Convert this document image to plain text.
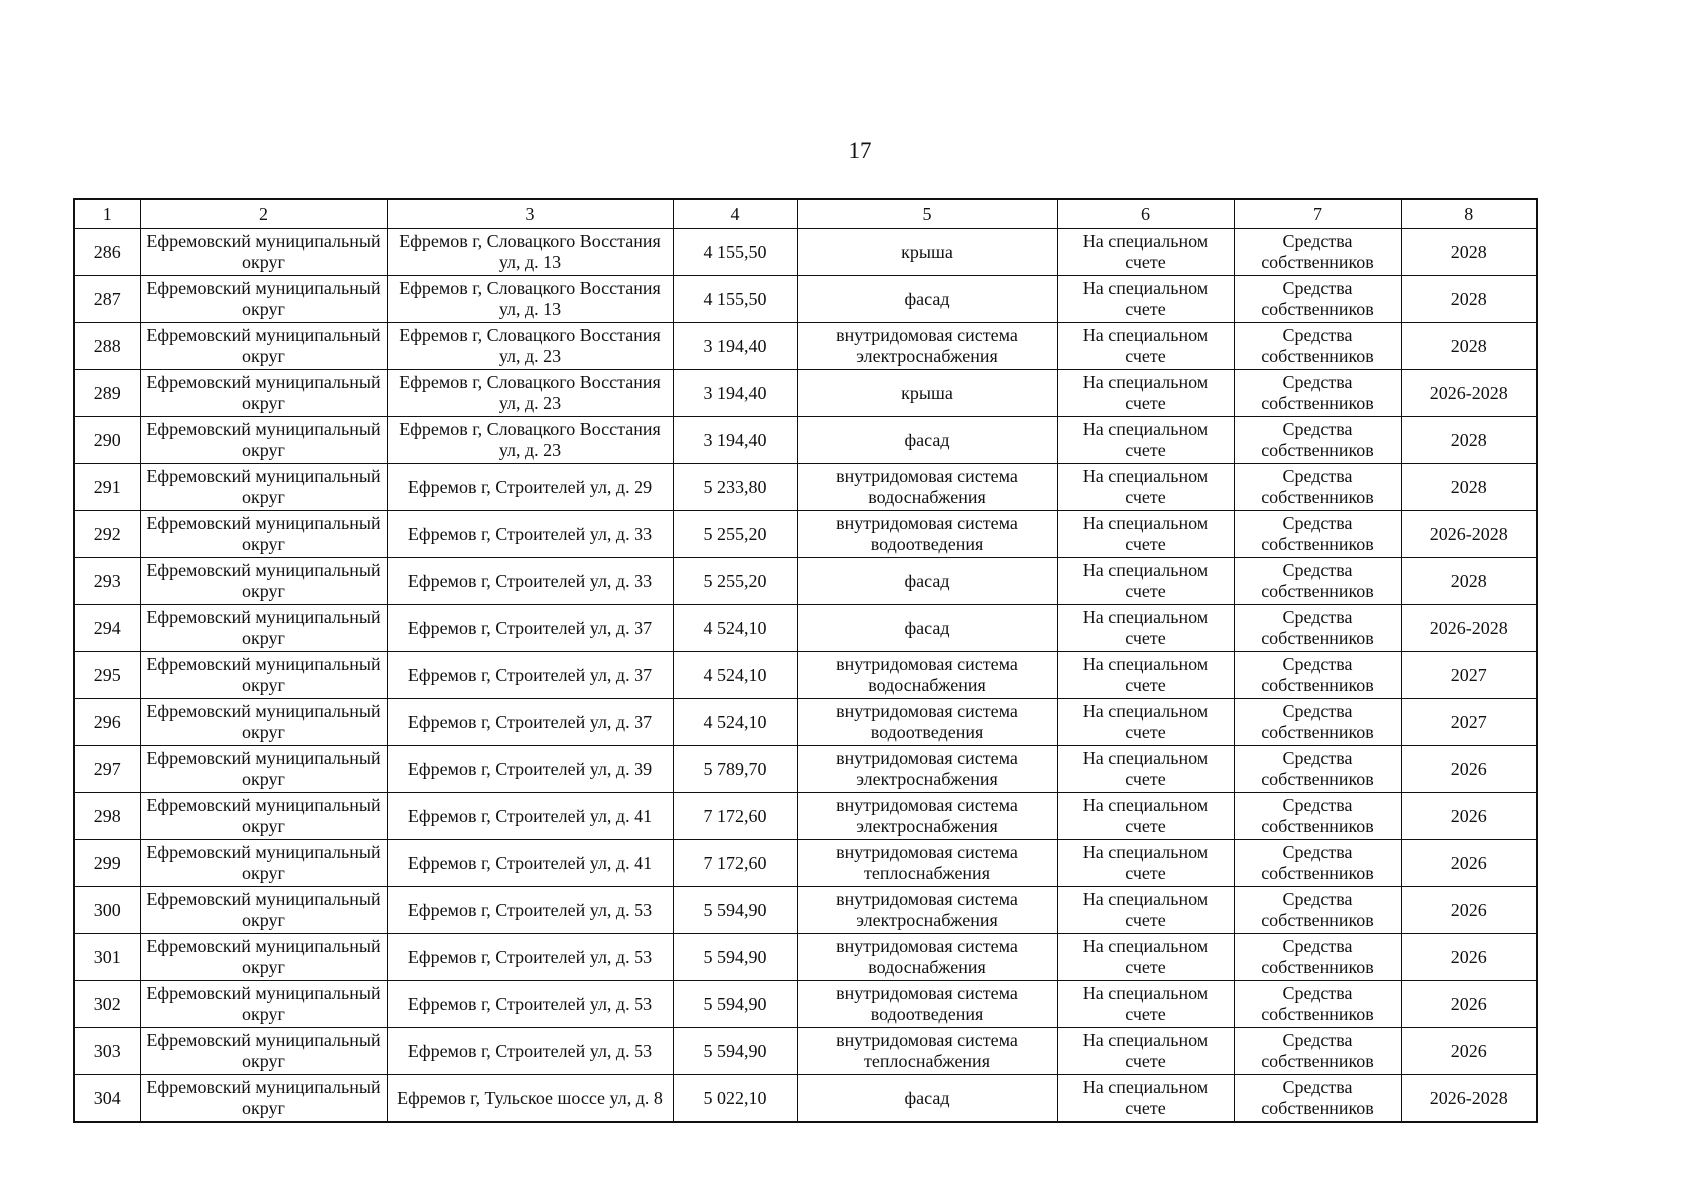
17
1	2	3	4	5	6	7	8
286	Ефремовский муниципальный округ	Ефремов г, Словацкого Восстания ул, д. 13	4 155,50	крыша	На специальном счете	Средства собственников	2028
287	Ефремовский муниципальный округ	Ефремов г, Словацкого Восстания ул, д. 13	4 155,50	фасад	На специальном счете	Средства собственников	2028
288	Ефремовский муниципальный округ	Ефремов г, Словацкого Восстания ул, д. 23	3 194,40	внутридомовая система электроснабжения	На специальном счете	Средства собственников	2028
289	Ефремовский муниципальный округ	Ефремов г, Словацкого Восстания ул, д. 23	3 194,40	крыша	На специальном счете	Средства собственников	2026-2028
290	Ефремовский муниципальный округ	Ефремов г, Словацкого Восстания ул, д. 23	3 194,40	фасад	На специальном счете	Средства собственников	2028
291	Ефремовский муниципальный округ	Ефремов г, Строителей ул, д. 29	5 233,80	внутридомовая система водоснабжения	На специальном счете	Средства собственников	2028
292	Ефремовский муниципальный округ	Ефремов г, Строителей ул, д. 33	5 255,20	внутридомовая система водоотведения	На специальном счете	Средства собственников	2026-2028
293	Ефремовский муниципальный округ	Ефремов г, Строителей ул, д. 33	5 255,20	фасад	На специальном счете	Средства собственников	2028
294	Ефремовский муниципальный округ	Ефремов г, Строителей ул, д. 37	4 524,10	фасад	На специальном счете	Средства собственников	2026-2028
295	Ефремовский муниципальный округ	Ефремов г, Строителей ул, д. 37	4 524,10	внутридомовая система водоснабжения	На специальном счете	Средства собственников	2027
296	Ефремовский муниципальный округ	Ефремов г, Строителей ул, д. 37	4 524,10	внутридомовая система водоотведения	На специальном счете	Средства собственников	2027
297	Ефремовский муниципальный округ	Ефремов г, Строителей ул, д. 39	5 789,70	внутридомовая система электроснабжения	На специальном счете	Средства собственников	2026
298	Ефремовский муниципальный округ	Ефремов г, Строителей ул, д. 41	7 172,60	внутридомовая система электроснабжения	На специальном счете	Средства собственников	2026
299	Ефремовский муниципальный округ	Ефремов г, Строителей ул, д. 41	7 172,60	внутридомовая система теплоснабжения	На специальном счете	Средства собственников	2026
300	Ефремовский муниципальный округ	Ефремов г, Строителей ул, д. 53	5 594,90	внутридомовая система электроснабжения	На специальном счете	Средства собственников	2026
301	Ефремовский муниципальный округ	Ефремов г, Строителей ул, д. 53	5 594,90	внутридомовая система водоснабжения	На специальном счете	Средства собственников	2026
302	Ефремовский муниципальный округ	Ефремов г, Строителей ул, д. 53	5 594,90	внутридомовая система водоотведения	На специальном счете	Средства собственников	2026
303	Ефремовский муниципальный округ	Ефремов г, Строителей ул, д. 53	5 594,90	внутридомовая система теплоснабжения	На специальном счете	Средства собственников	2026
304	Ефремовский муниципальный округ	Ефремов г, Тульское шоссе ул, д. 8	5 022,10	фасад	На специальном счете	Средства собственников	2026-2028
